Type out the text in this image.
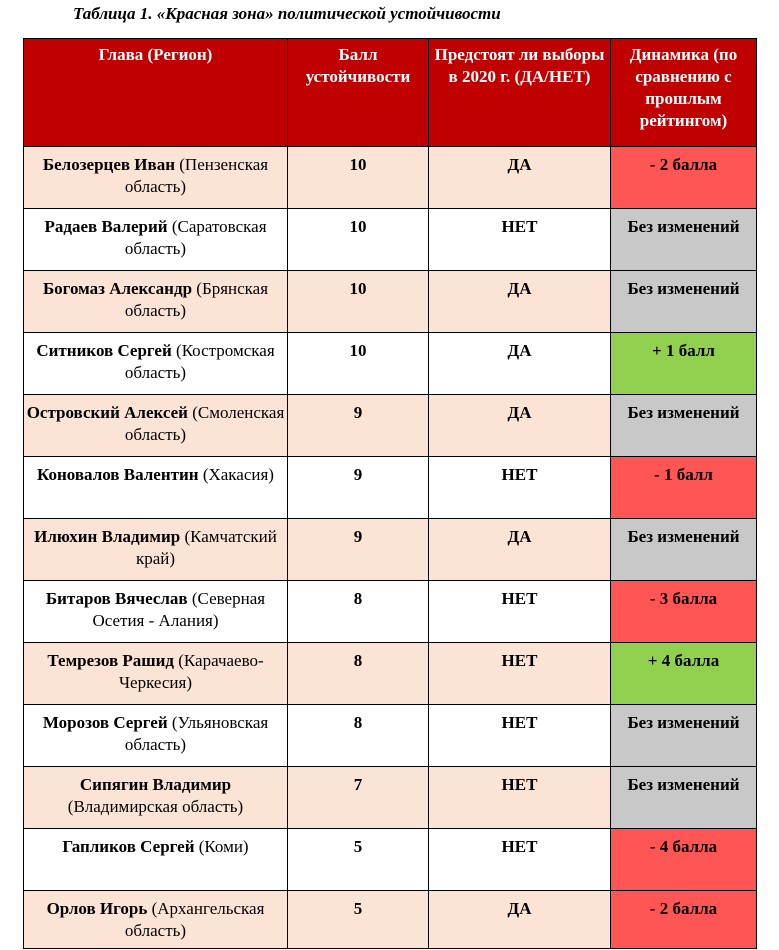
Таблица 1. «Красная зона» политической устойчивости
Глава (Регион)	Балл устойчивости	Предстоят ли выборы в 2020 г. (ДА/НЕТ)	Динамика (по сравнению с прошлым рейтингом)
Белозерцев Иван (Пензенская область)	10	ДА	- 2 балла
Радаев Валерий (Саратовская область)	10	НЕТ	Без изменений
Богомаз Александр (Брянская область)	10	ДА	Без изменений
Ситников Сергей (Костромская область)	10	ДА	+ 1 балл
Островский Алексей (Смоленская область)	9	ДА	Без изменений
Коновалов Валентин (Хакасия)	9	НЕТ	- 1 балл
Илюхин Владимир (Камчатский край)	9	ДА	Без изменений
Битаров Вячеслав (Северная Осетия - Алания)	8	НЕТ	- 3 балла
Темрезов Рашид (Карачаево-Черкесия)	8	НЕТ	+ 4 балла
Морозов Сергей (Ульяновская область)	8	НЕТ	Без изменений
Сипягин Владимир (Владимирская область)	7	НЕТ	Без изменений
Гапликов Сергей (Коми)	5	НЕТ	- 4 балла
Орлов Игорь (Архангельская область)	5	ДА	- 2 балла
